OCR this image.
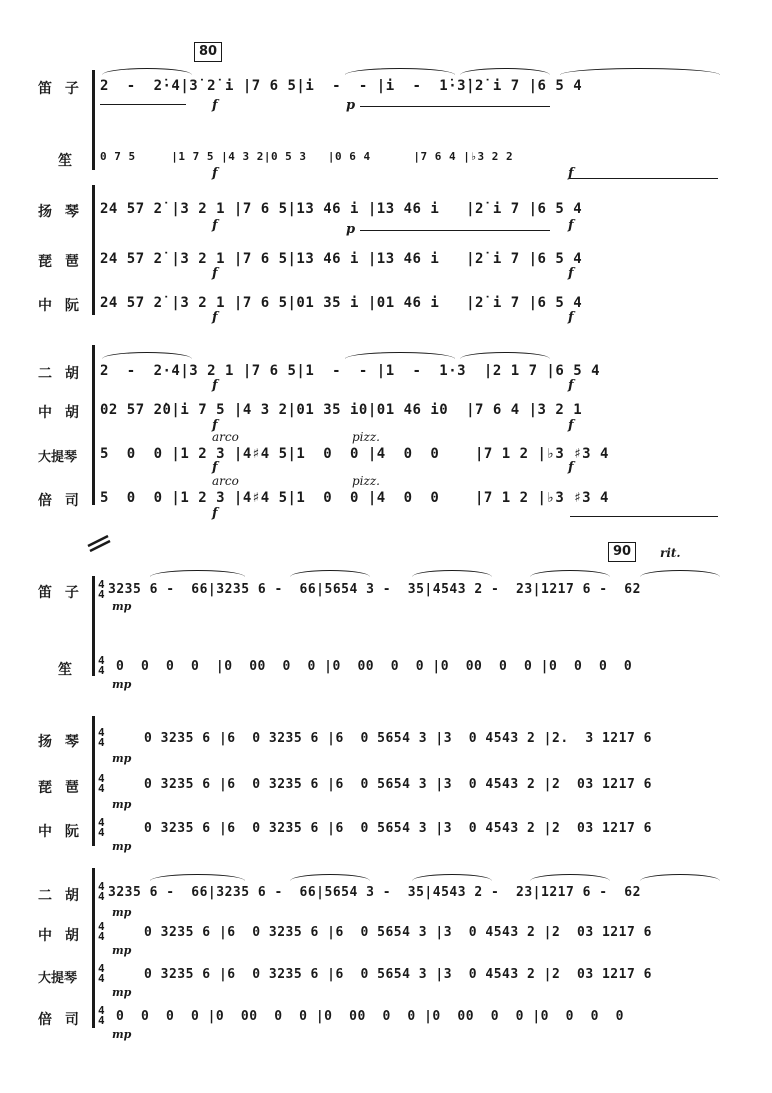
80
笛 子	2  -  2̇·4|3̇ 2̇ i |7 6 5|i  -  - |i  -  1̇·3̇|2̇ i 7 |6 5 4
f	p
笙	0 7 5     |1 7 5 |4 3 2|0 5 3   |0 6 4      |7 6 4 |♭3 2 2
f	f
扬 琴	24 57 2̇ |3 2 1 |7 6 5|13 46 i |13 46 i   |2̇ i 7 |6 5 4
f	p	f
琵 琶	24 57 2̇ |3 2 1 |7 6 5|13 46 i |13 46 i   |2̇ i 7 |6 5 4
f	f
中 阮	24 57 2̇ |3 2 1 |7 6 5|01 35 i |01 46 i   |2̇ i 7 |6 5 4
f	f
二 胡	2  -  2·4|3 2 1 |7 6 5|1  -  - |1  -  1·3  |2 1 7 |6 5 4
f	f
中 胡	02 57 2̇0|i 7 5 |4 3 2|01 35 i0|01 46 i0  |7 6 4 |3 2 1
f	f
大提琴	5  0  0 |1 2 3 |4♯4 5|1  0  0 |4  0  0    |7 1 2 |♭3 ♯3 4
arco	pizz.
f	f
倍 司	5  0  0 |1 2 3 |4♯4 5|1  0  0 |4  0  0    |7 1 2 |♭3 ♯3 4
arco	pizz.
f
90	rit.
笛 子	3235 6 -  66|3235 6 -  66|5654 3 -  35|4543 2 -  23|1217 6 -  62
4
4
mp
笙	0  0  0  0  |0  00  0  0 |0  00  0  0 |0  00  0  0 |0  0  0  0
4
4
mp
扬 琴	0 3235 6 |6  0 3235 6 |6  0 5654 3 |3  0 4543 2 |2.  3 1217 6
4
4
mp
琵 琶	0 3235 6 |6  0 3235 6 |6  0 5654 3 |3  0 4543 2 |2  03 1217 6
4
4
mp
中 阮	0 3235 6 |6  0 3235 6 |6  0 5654 3 |3  0 4543 2 |2  03 1217 6
4
4
mp
二 胡	3235 6 -  66|3235 6 -  66|5654 3 -  35|4543 2 -  23|1217 6 -  62
4
4
mp
中 胡	0 3235 6 |6  0 3235 6 |6  0 5654 3 |3  0 4543 2 |2  03 1217 6
4
4
mp
大提琴	0 3235 6 |6  0 3235 6 |6  0 5654 3 |3  0 4543 2 |2  03 1217 6
4
4
mp
倍 司	0  0  0  0 |0  00  0  0 |0  00  0  0 |0  00  0  0 |0  0  0  0
4
4
mp
